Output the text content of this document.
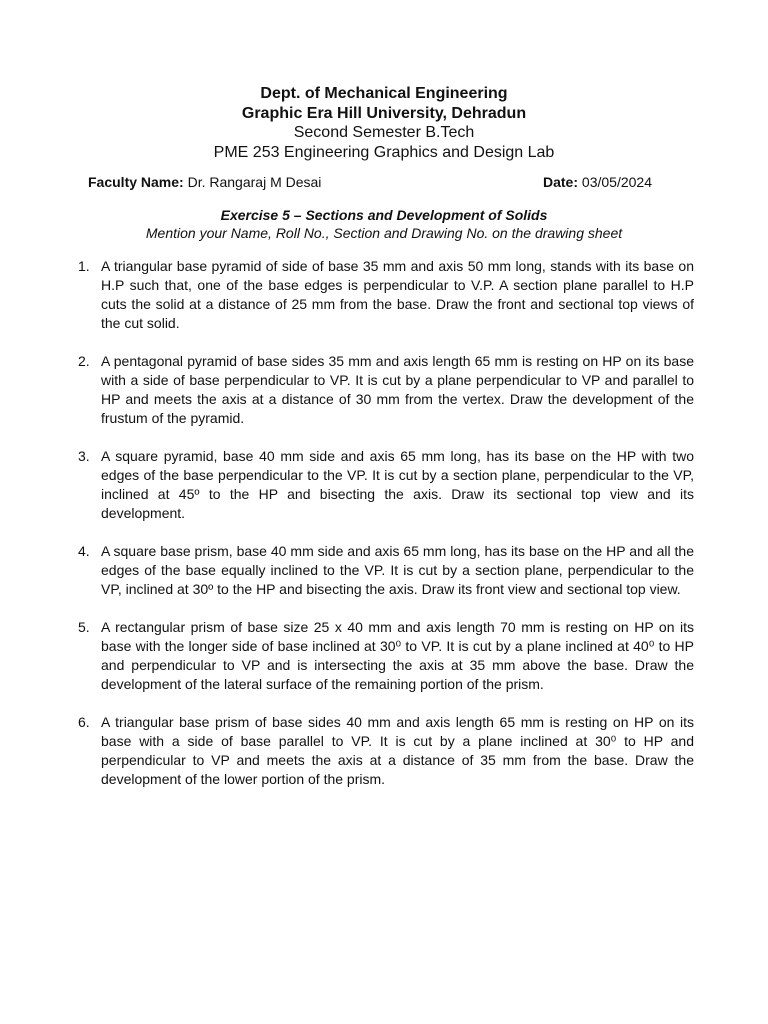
Dept. of Mechanical Engineering
Graphic Era Hill University, Dehradun
Second Semester B.Tech
PME 253 Engineering Graphics and Design Lab
Faculty Name: Dr. Rangaraj M Desai	Date: 03/05/2024
Exercise 5 – Sections and Development of Solids
Mention your Name, Roll No., Section and Drawing No. on the drawing sheet
1. A triangular base pyramid of side of base 35 mm and axis 50 mm long, stands with its base on H.P such that, one of the base edges is perpendicular to V.P. A section plane parallel to H.P cuts the solid at a distance of 25 mm from the base. Draw the front and sectional top views of the cut solid.
2. A pentagonal pyramid of base sides 35 mm and axis length 65 mm is resting on HP on its base with a side of base perpendicular to VP. It is cut by a plane perpendicular to VP and parallel to HP and meets the axis at a distance of 30 mm from the vertex. Draw the development of the frustum of the pyramid.
3. A square pyramid, base 40 mm side and axis 65 mm long, has its base on the HP with two edges of the base perpendicular to the VP. It is cut by a section plane, perpendicular to the VP, inclined at 45º to the HP and bisecting the axis. Draw its sectional top view and its development.
4. A square base prism, base 40 mm side and axis 65 mm long, has its base on the HP and all the edges of the base equally inclined to the VP. It is cut by a section plane, perpendicular to the VP, inclined at 30º to the HP and bisecting the axis. Draw its front view and sectional top view.
5. A rectangular prism of base size 25 x 40 mm and axis length 70 mm is resting on HP on its base with the longer side of base inclined at 30⁰ to VP. It is cut by a plane inclined at 40⁰ to HP and perpendicular to VP and is intersecting the axis at 35 mm above the base. Draw the development of the lateral surface of the remaining portion of the prism.
6. A triangular base prism of base sides 40 mm and axis length 65 mm is resting on HP on its base with a side of base parallel to VP. It is cut by a plane inclined at 30⁰ to HP and perpendicular to VP and meets the axis at a distance of 35 mm from the base. Draw the development of the lower portion of the prism.
